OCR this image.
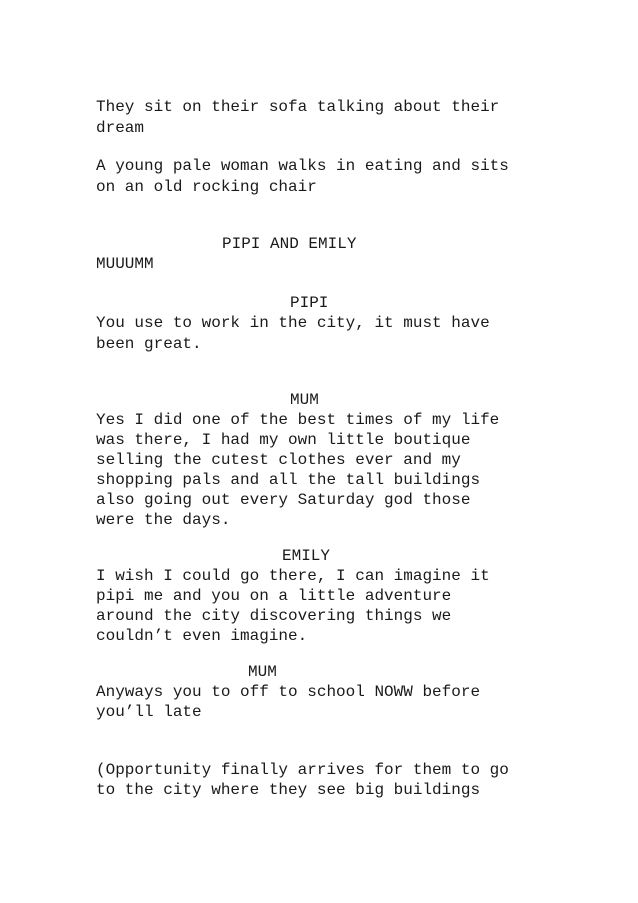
They sit on their sofa talking about their
dream
A young pale woman walks in eating and sits
on an old rocking chair
PIPI AND EMILY
MUUUMM
PIPI
You use to work in the city, it must have
been great.
MUM
Yes I did one of the best times of my life
was there, I had my own little boutique
selling the cutest clothes ever and my
shopping pals and all the tall buildings
also going out every Saturday god those
were the days.
EMILY
I wish I could go there, I can imagine it
pipi me and you on a little adventure
around the city discovering things we
couldn’t even imagine.
MUM
Anyways you to off to school NOWW before
you’ll late
(Opportunity finally arrives for them to go
to the city where they see big buildings
